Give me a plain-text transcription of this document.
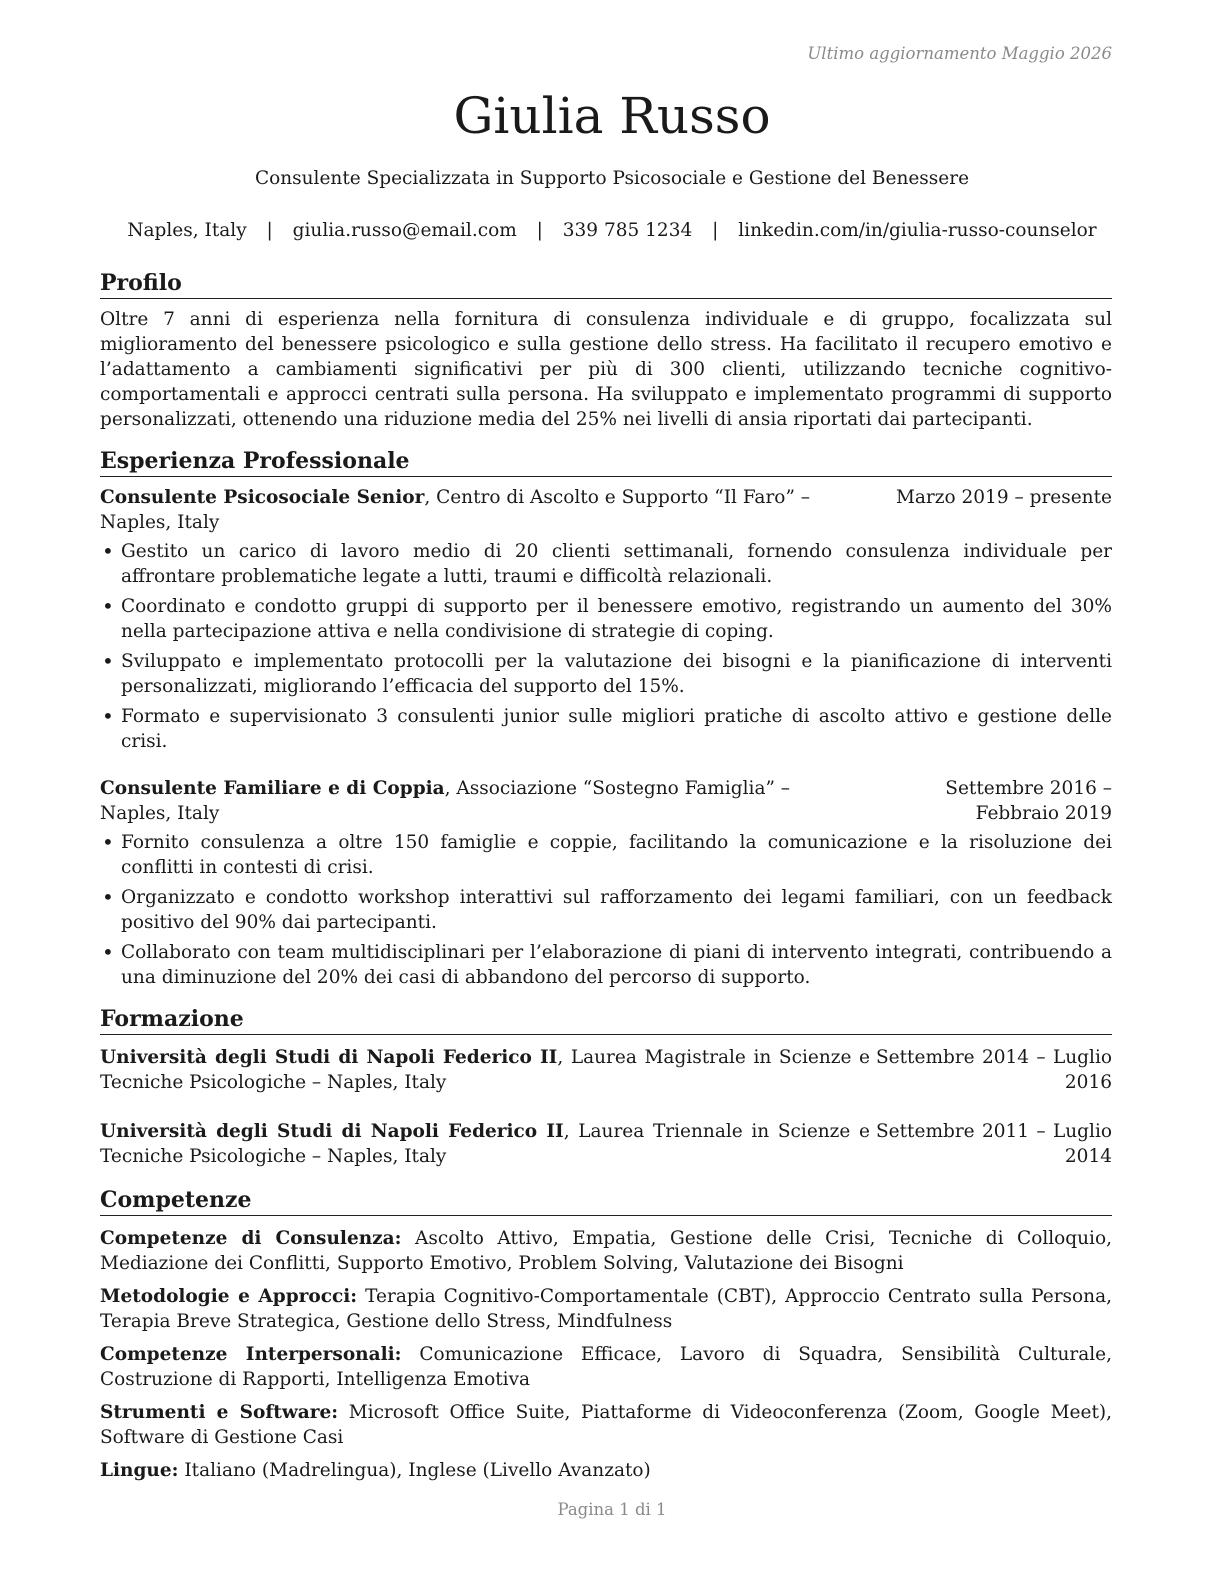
Ultimo aggiornamento Maggio 2026
Giulia Russo
Consulente Specializzata in Supporto Psicosociale e Gestione del Benessere
Naples, Italy | giulia.russo@email.com | 339 785 1234 | linkedin.com/in/giulia-russo-counselor
Profilo
Oltre 7 anni di esperienza nella fornitura di consulenza individuale e di gruppo, focalizzata sul miglioramento del benessere psicologico e sulla gestione dello stress. Ha facilitato il recupero emotivo e l’adattamento a cambiamenti significativi per più di 300 clienti, utilizzando tecniche cognitivo-comportamentali e approcci centrati sulla persona. Ha sviluppato e implementato programmi di supporto personalizzati, ottenendo una riduzione media del 25% nei livelli di ansia riportati dai partecipanti.
Esperienza Professionale
Consulente Psicosociale Senior, Centro di Ascolto e Supporto “Il Faro” – Naples, Italy
Marzo 2019 – presente
• Gestito un carico di lavoro medio di 20 clienti settimanali, fornendo consulenza individuale per affrontare problematiche legate a lutti, traumi e difficoltà relazionali.
• Coordinato e condotto gruppi di supporto per il benessere emotivo, registrando un aumento del 30% nella partecipazione attiva e nella condivisione di strategie di coping.
• Sviluppato e implementato protocolli per la valutazione dei bisogni e la pianificazione di interventi personalizzati, migliorando l’efficacia del supporto del 15%.
• Formato e supervisionato 3 consulenti junior sulle migliori pratiche di ascolto attivo e gestione delle crisi.
Consulente Familiare e di Coppia, Associazione “Sostegno Famiglia” – Naples, Italy
Settembre 2016 – Febbraio 2019
• Fornito consulenza a oltre 150 famiglie e coppie, facilitando la comunicazione e la risoluzione dei conflitti in contesti di crisi.
• Organizzato e condotto workshop interattivi sul rafforzamento dei legami familiari, con un feedback positivo del 90% dai partecipanti.
• Collaborato con team multidisciplinari per l’elaborazione di piani di intervento integrati, contribuendo a una diminuzione del 20% dei casi di abbandono del percorso di supporto.
Formazione
Università degli Studi di Napoli Federico II, Laurea Magistrale in Scienze e Tecniche Psicologiche – Naples, Italy
Settembre 2014 – Luglio 2016
Università degli Studi di Napoli Federico II, Laurea Triennale in Scienze e Tecniche Psicologiche – Naples, Italy
Settembre 2011 – Luglio 2014
Competenze
Competenze di Consulenza: Ascolto Attivo, Empatia, Gestione delle Crisi, Tecniche di Colloquio, Mediazione dei Conflitti, Supporto Emotivo, Problem Solving, Valutazione dei Bisogni
Metodologie e Approcci: Terapia Cognitivo-Comportamentale (CBT), Approccio Centrato sulla Persona, Terapia Breve Strategica, Gestione dello Stress, Mindfulness
Competenze Interpersonali: Comunicazione Efficace, Lavoro di Squadra, Sensibilità Culturale, Costruzione di Rapporti, Intelligenza Emotiva
Strumenti e Software: Microsoft Office Suite, Piattaforme di Videoconferenza (Zoom, Google Meet), Software di Gestione Casi
Lingue: Italiano (Madrelingua), Inglese (Livello Avanzato)
Pagina 1 di 1
